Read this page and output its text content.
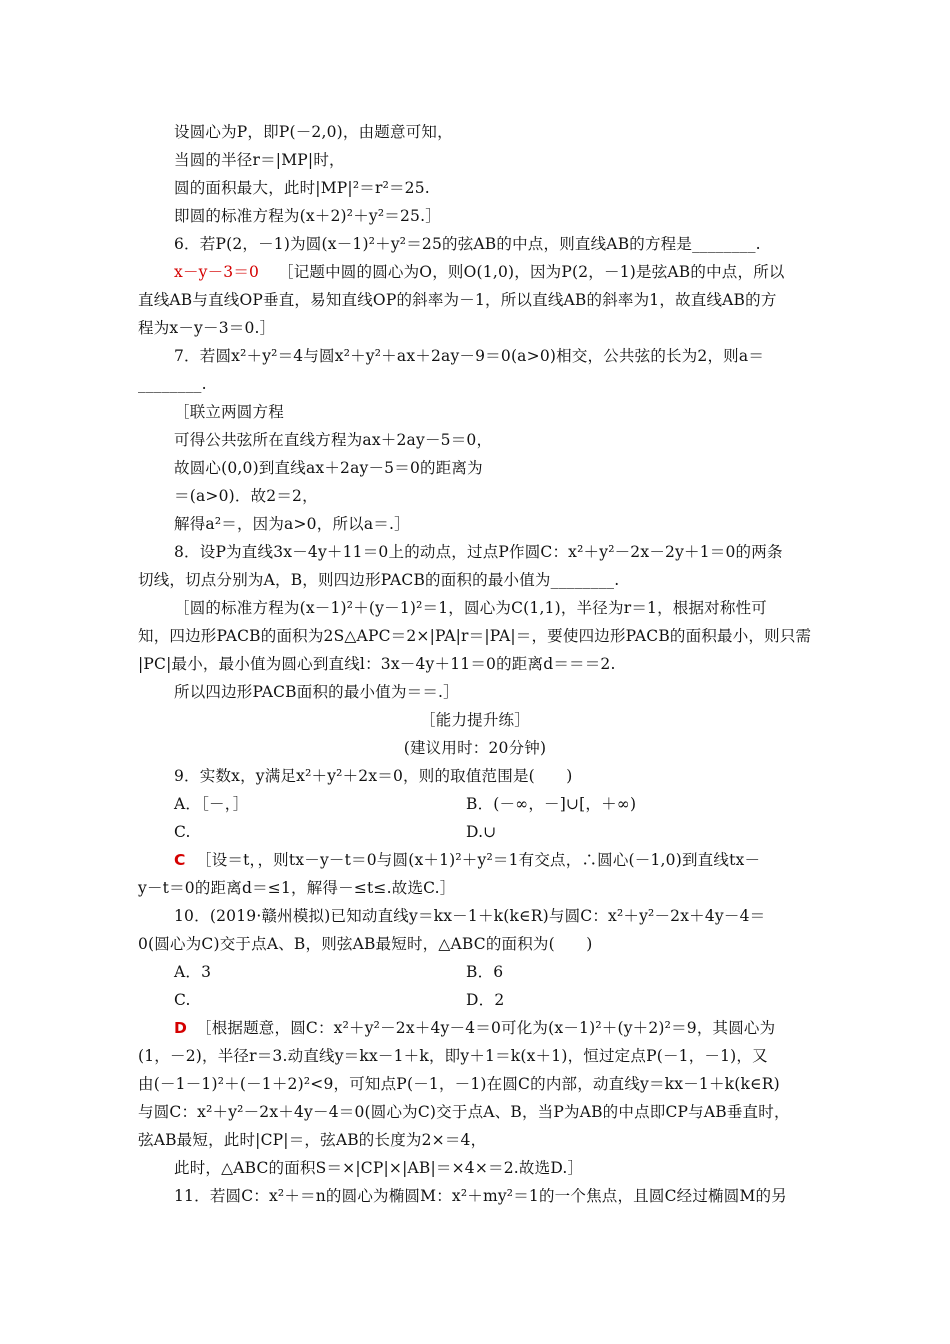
设圆心为P，即P(－2,0)，由题意可知，
当圆的半径r＝|MP|时，
圆的面积最大，此时|MP|²＝r²＝25.
即圆的标准方程为(x＋2)²＋y²＝25.］
6．若P(2，－1)为圆(x－1)²＋y²＝25的弦AB的中点，则直线AB的方程是________.
x－y－3＝0 ［记题中圆的圆心为O，则O(1,0)，因为P(2，－1)是弦AB的中点，所以
直线AB与直线OP垂直，易知直线OP的斜率为－1，所以直线AB的斜率为1，故直线AB的方
程为x－y－3＝0.］
7．若圆x²＋y²＝4与圆x²＋y²＋ax＋2ay－9＝0(a>0)相交，公共弦的长为2，则a＝
________.
［联立两圆方程
可得公共弦所在直线方程为ax＋2ay－5＝0，
故圆心(0,0)到直线ax＋2ay－5＝0的距离为
＝(a>0)．故2＝2，
解得a²＝，因为a>0，所以a＝.］
8．设P为直线3x－4y＋11＝0上的动点，过点P作圆C：x²＋y²－2x－2y＋1＝0的两条
切线，切点分别为A，B，则四边形PACB的面积的最小值为________.
［圆的标准方程为(x－1)²＋(y－1)²＝1，圆心为C(1,1)，半径为r＝1，根据对称性可
知，四边形PACB的面积为2S△APC＝2×|PA|r＝|PA|＝，要使四边形PACB的面积最小，则只需
|PC|最小，最小值为圆心到直线l：3x－4y＋11＝0的距离d＝＝＝2.
所以四边形PACB面积的最小值为＝＝.］
［能力提升练］
(建议用时：20分钟)
9．实数x，y满足x²＋y²＋2x＝0，则的取值范围是(　　)
A．［－，］	B．(－∞，－]∪[，＋∞)
C.	D.∪
C ［设＝t，，则tx－y－t＝0与圆(x＋1)²＋y²＝1有交点，∴圆心(－1,0)到直线tx－
y－t＝0的距离d＝≤1，解得－≤t≤.故选C.］
10．(2019·赣州模拟)已知动直线y＝kx－1＋k(k∈R)与圆C：x²＋y²－2x＋4y－4＝
0(圆心为C)交于点A、B，则弦AB最短时，△ABC的面积为(　　)
A．3	B．6
C.	D．2
D ［根据题意，圆C：x²＋y²－2x＋4y－4＝0可化为(x－1)²＋(y＋2)²＝9，其圆心为
(1，－2)，半径r＝3.动直线y＝kx－1＋k，即y＋1＝k(x＋1)，恒过定点P(－1，－1)，又
由(－1－1)²＋(－1＋2)²<9，可知点P(－1，－1)在圆C的内部，动直线y＝kx－1＋k(k∈R)
与圆C：x²＋y²－2x＋4y－4＝0(圆心为C)交于点A、B，当P为AB的中点即CP与AB垂直时，
弦AB最短，此时|CP|＝，弦AB的长度为2×＝4，
此时，△ABC的面积S＝×|CP|×|AB|＝×4×＝2.故选D.］
11．若圆C：x²＋＝n的圆心为椭圆M：x²＋my²＝1的一个焦点，且圆C经过椭圆M的另
